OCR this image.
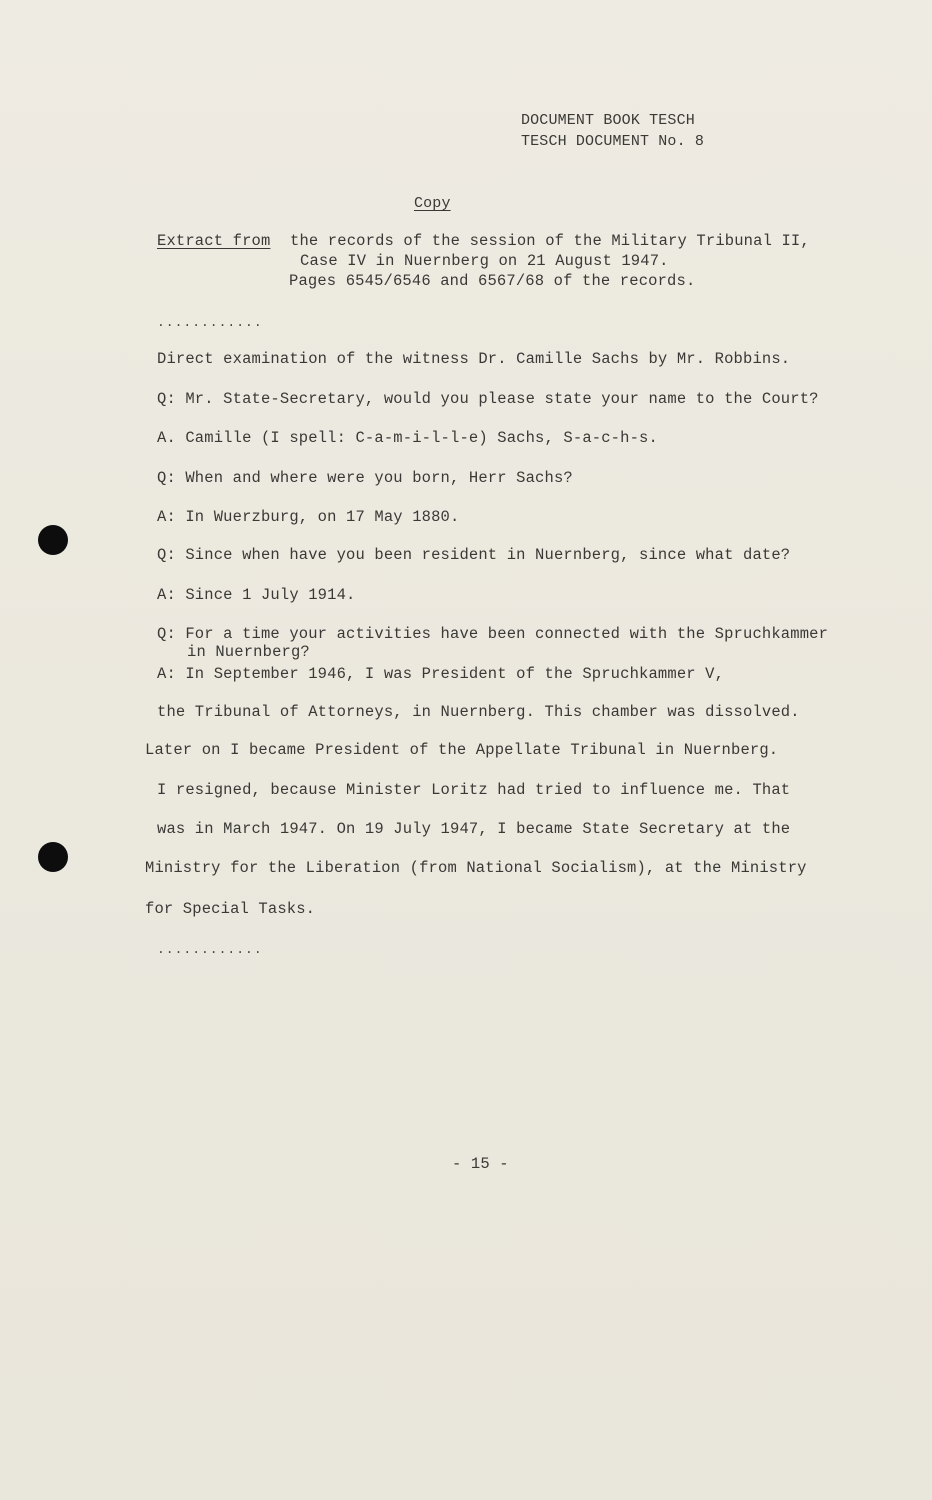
DOCUMENT BOOK TESCH
TESCH DOCUMENT No. 8
Copy
Extract from the records of the session of the Military Tribunal II,
Case IV in Nuernberg on 21 August 1947.
Pages 6545/6546 and 6567/68 of the records.
............
Direct examination of the witness Dr. Camille Sachs by Mr. Robbins.
Q: Mr. State-Secretary, would you please state your name to the Court?
A. Camille (I spell: C-a-m-i-l-l-e) Sachs, S-a-c-h-s.
Q: When and where were you born, Herr Sachs?
A: In Wuerzburg, on 17 May 1880.
Q: Since when have you been resident in Nuernberg, since what date?
A: Since 1 July 1914.
Q: For a time your activities have been connected with the Spruchkammer
in Nuernberg?
A: In September 1946, I was President of the Spruchkammer V,
the Tribunal of Attorneys, in Nuernberg. This chamber was dissolved.
Later on I became President of the Appellate Tribunal in Nuernberg.
I resigned, because Minister Loritz had tried to influence me. That
was in March 1947. On 19 July 1947, I became State Secretary at the
Ministry for the Liberation (from National Socialism), at the Ministry
for Special Tasks.
............
- 15 -
